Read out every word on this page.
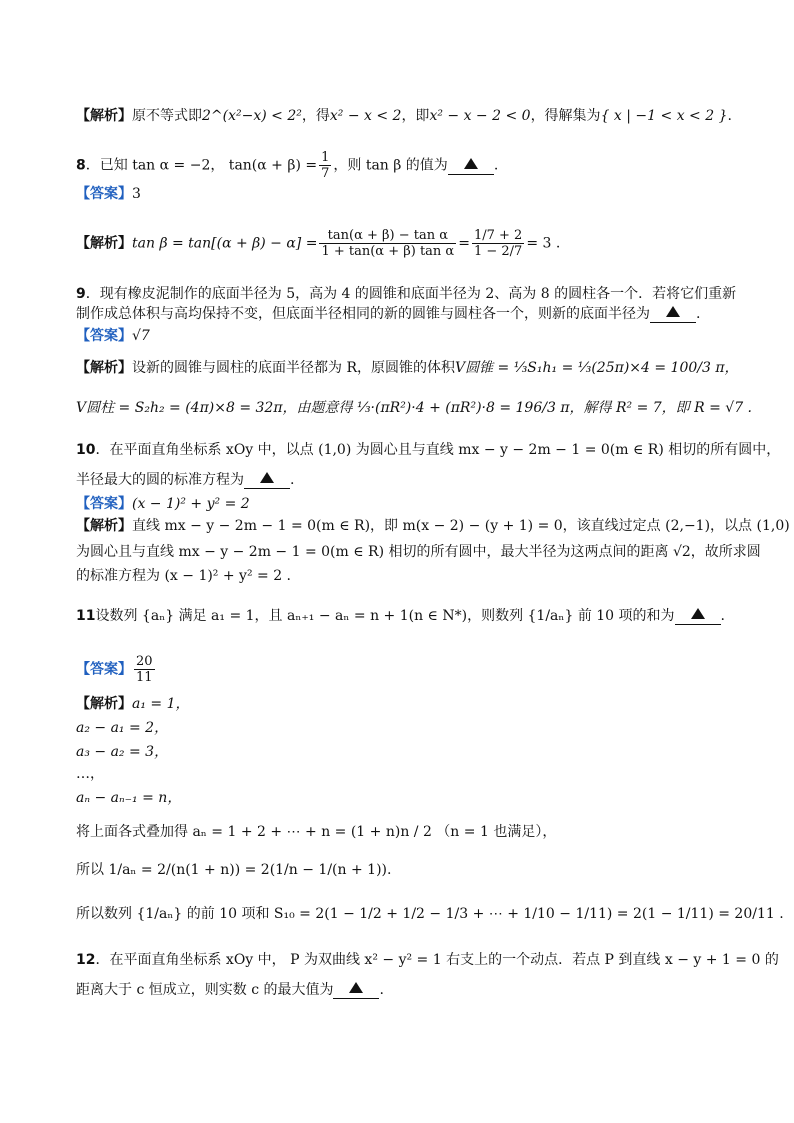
【解析】原不等式即2^(x²−x) < 2²，得x² − x < 2，即x² − x − 2 < 0，得解集为{ x | −1 < x < 2 }.
8．已知 tan α = −2， $\tan(\alpha + \beta) = \frac{1}{7}$ ，则 tan β 的值为	.
【答案】3
【解析】$\tan \beta = \tan[(\alpha + \beta) - \alpha] = \frac{\text{tan(α + β) − tan α}}{\text{1 + tan(α + β) tan α}} = \frac{1/7 + 2}{1 - 2/7} = 3$ .
9．现有橡皮泥制作的底面半径为 5，高为 4 的圆锥和底面半径为 2、高为 8 的圆柱各一个．若将它们重新
制作成总体积与高均保持不变，但底面半径相同的新的圆锥与圆柱各一个，则新的底面半径为	.
【答案】√7
【解析】设新的圆锥与圆柱的底面半径都为 R，原圆锥的体积V圆锥 = ⅓S₁h₁ = ⅓(25π)×4 = 100/3 π，
V圆柱 = S₂h₂ = (4π)×8 = 32π，由题意得 ⅓·(πR²)·4 + (πR²)·8 = 196/3 π，解得 R² = 7，即 R = √7 .
10．在平面直角坐标系 xOy 中，以点 (1,0) 为圆心且与直线 mx − y − 2m − 1 = 0(m ∈ R) 相切的所有圆中，
半径最大的圆的标准方程为	.
【答案】(x − 1)² + y² = 2
【解析】直线 mx − y − 2m − 1 = 0(m ∈ R)，即 m(x − 2) − (y + 1) = 0，该直线过定点 (2,−1)，以点 (1,0)
为圆心且与直线 mx − y − 2m − 1 = 0(m ∈ R) 相切的所有圆中，最大半径为这两点间的距离 √2，故所求圆
的标准方程为 (x − 1)² + y² = 2 .
11设数列 {aₙ} 满足 a₁ = 1，且 aₙ₊₁ − aₙ = n + 1(n ∈ N*)，则数列 {1/aₙ} 前 10 项的和为	.
【答案】 $\frac{20}{11}$
【解析】a₁ = 1，
a₂ − a₁ = 2，
a₃ − a₂ = 3，
…，
aₙ − aₙ₋₁ = n，
将上面各式叠加得 aₙ = 1 + 2 + ⋯ + n = (1 + n)n / 2 （n = 1 也满足），
所以 1/aₙ = 2/(n(1 + n)) = 2(1/n − 1/(n + 1)).
所以数列 {1/aₙ} 的前 10 项和 S₁₀ = 2(1 − 1/2 + 1/2 − 1/3 + ⋯ + 1/10 − 1/11) = 2(1 − 1/11) = 20/11 .
12．在平面直角坐标系 xOy 中， P 为双曲线 x² − y² = 1 右支上的一个动点．若点 P 到直线 x − y + 1 = 0 的
距离大于 c 恒成立，则实数 c 的最大值为	.
